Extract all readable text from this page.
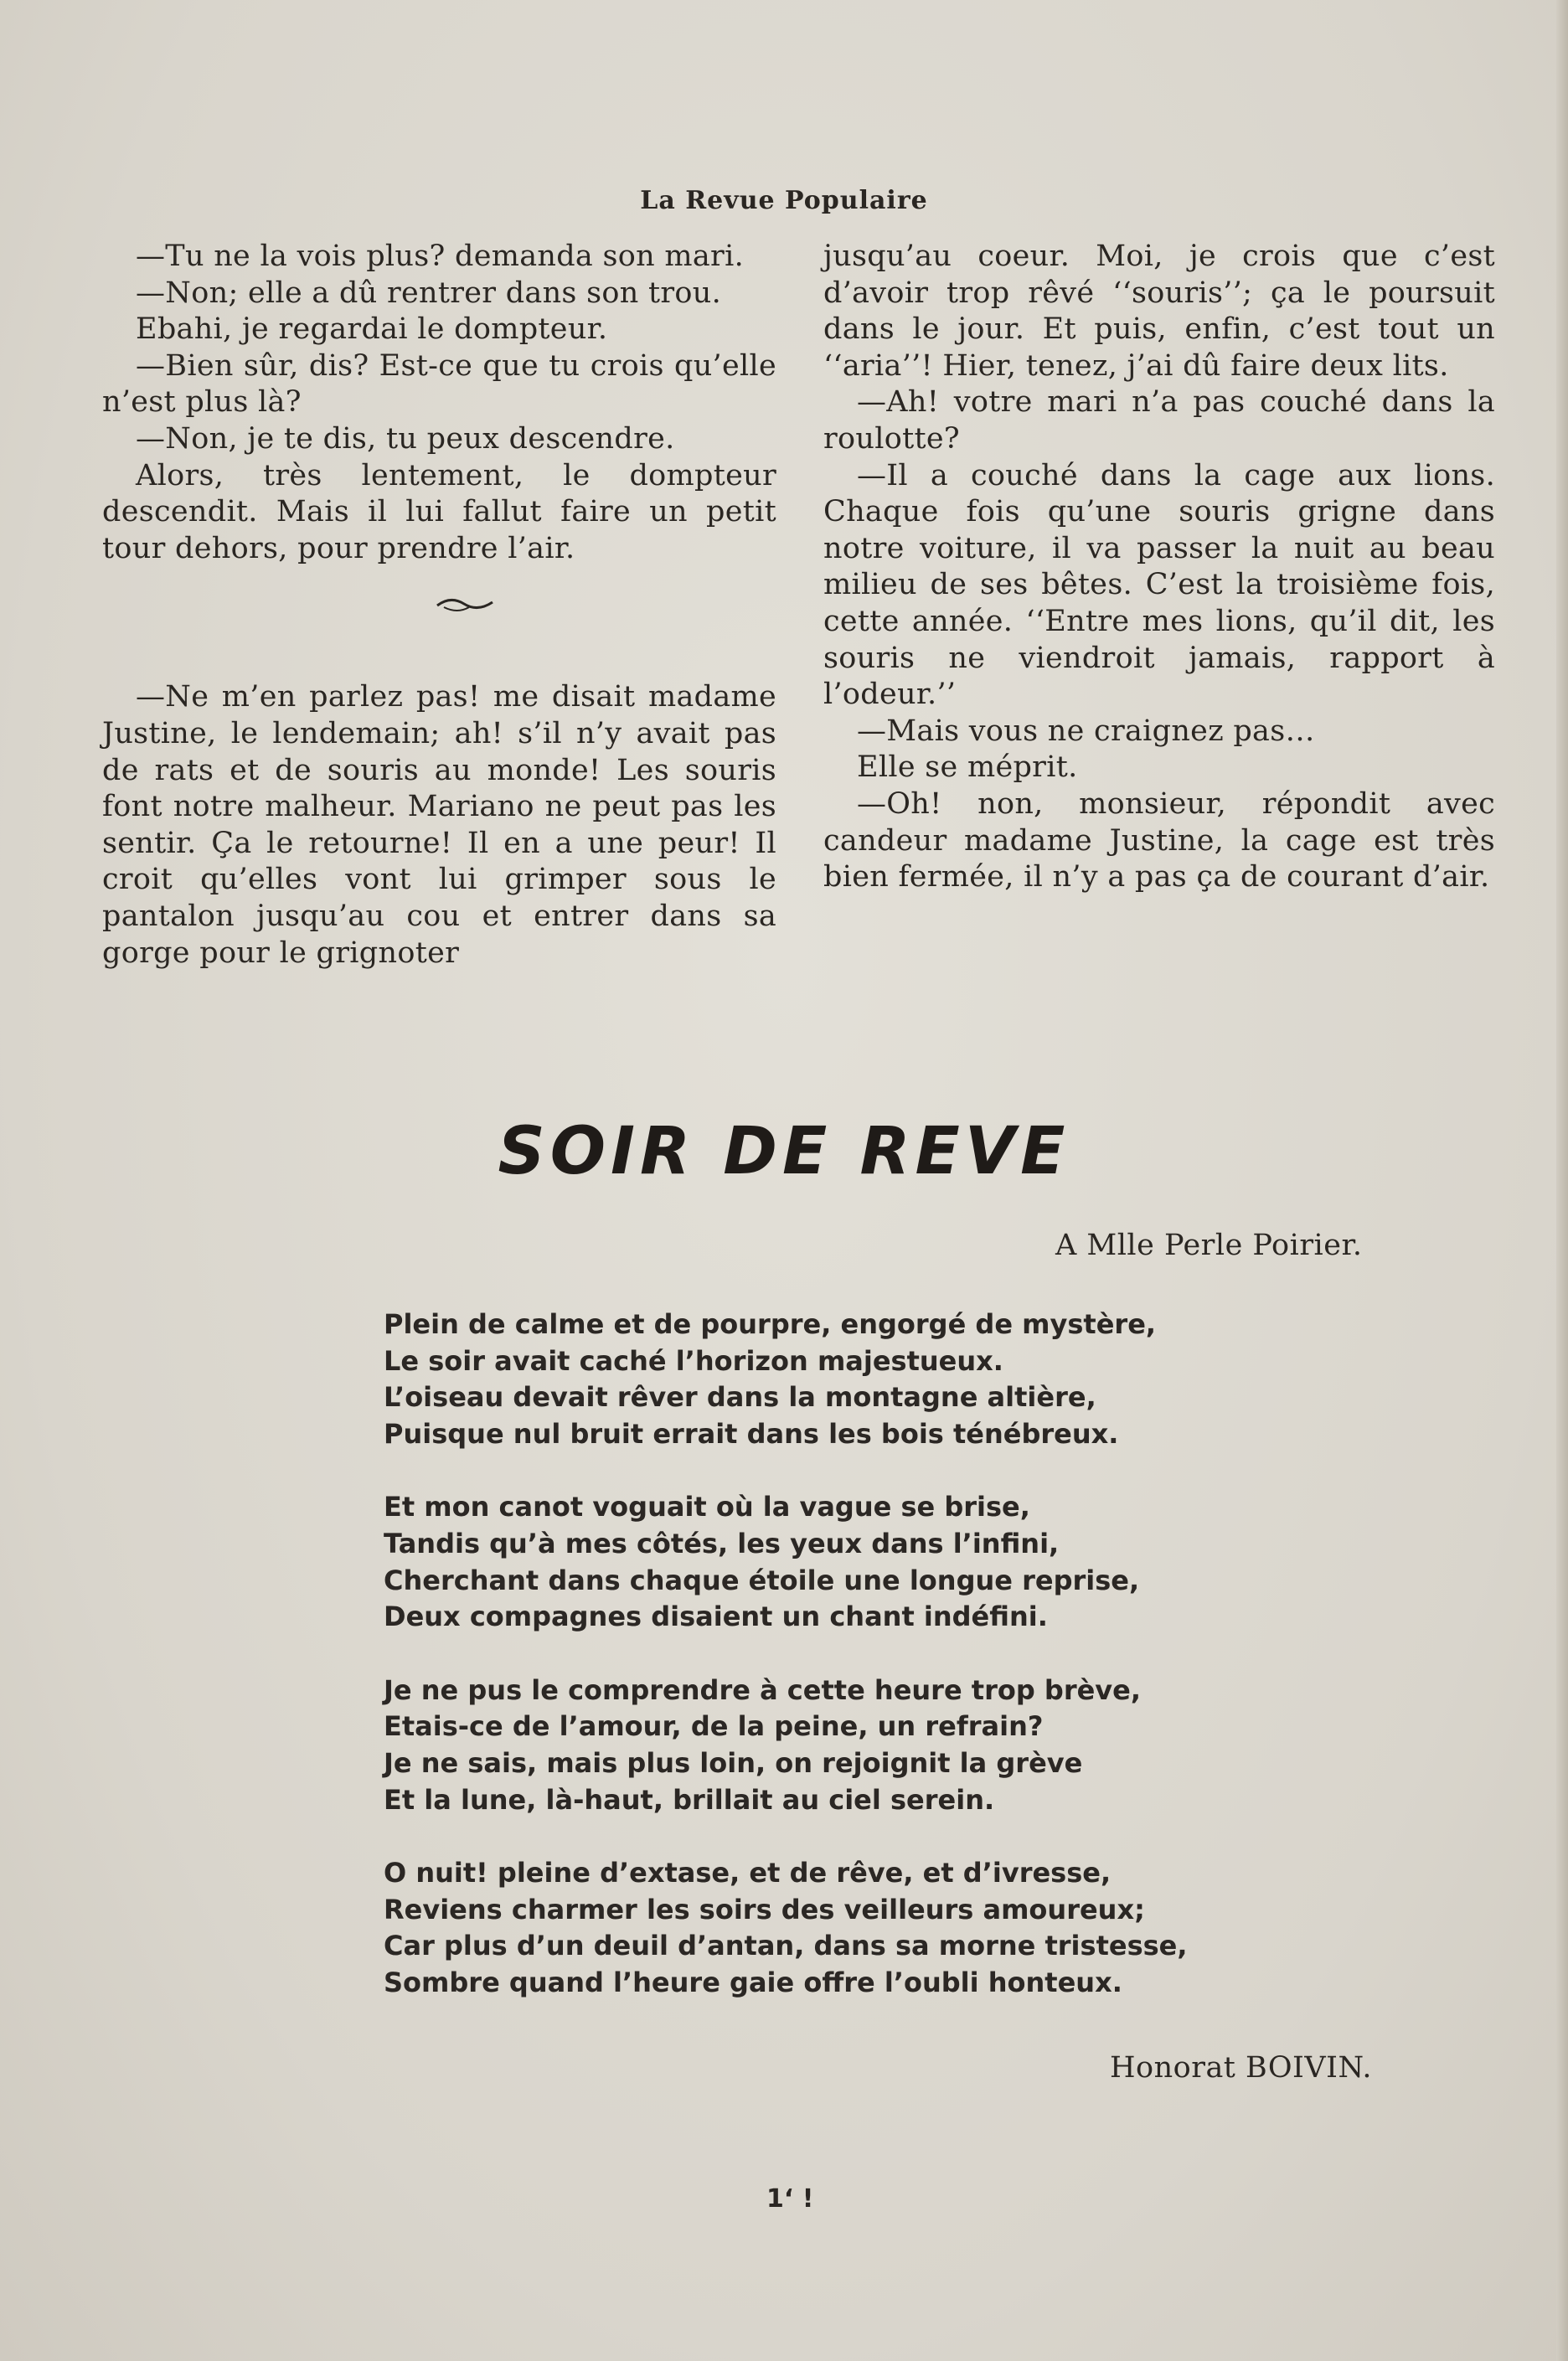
La Revue Populaire

—Tu ne la vois plus? demanda son mari.

—Non; elle a dû rentrer dans son trou.

Ebahi, je regardai le dompteur.

—Bien sûr, dis? Est-ce que tu crois qu’elle n’est plus là?

—Non, je te dis, tu peux descendre.

Alors, très lentement, le dompteur descendit. Mais il lui fallut faire un petit tour dehors, pour prendre l’air.

—Ne m’en parlez pas! me disait madame Justine, le lendemain; ah! s’il n’y avait pas de rats et de souris au monde! Les souris font notre malheur. Mariano ne peut pas les sentir. Ça le retourne! Il en a une peur! Il croit qu’elles vont lui grimper sous le pantalon jusqu’au cou et entrer dans sa gorge pour le grignoter

jusqu’au coeur. Moi, je crois que c’est d’avoir trop rêvé ‘‘souris’’; ça le poursuit dans le jour. Et puis, enfin, c’est tout un ‘‘aria’’! Hier, tenez, j’ai dû faire deux lits.

—Ah! votre mari n’a pas couché dans la roulotte?

—Il a couché dans la cage aux lions. Chaque fois qu’une souris grigne dans notre voiture, il va passer la nuit au beau milieu de ses bêtes. C’est la troisième fois, cette année. ‘‘Entre mes lions, qu’il dit, les souris ne viendroit jamais, rapport à l’odeur.’’

—Mais vous ne craignez pas…

Elle se méprit.

—Oh! non, monsieur, répondit avec candeur madame Justine, la cage est très bien fermée, il n’y a pas ça de courant d’air.

SOIR DE REVE
A Mlle Perle Poirier.
Plein de calme et de pourpre, engorgé de mystère,
Le soir avait caché l’horizon majestueux.
L’oiseau devait rêver dans la montagne altière,
Puisque nul bruit errait dans les bois ténébreux.
Et mon canot voguait où la vague se brise,
Tandis qu’à mes côtés, les yeux dans l’infini,
Cherchant dans chaque étoile une longue reprise,
Deux compagnes disaient un chant indéfini.
Je ne pus le comprendre à cette heure trop brève,
Etais-ce de l’amour, de la peine, un refrain?
Je ne sais, mais plus loin, on rejoignit la grève
Et la lune, là-haut, brillait au ciel serein.
O nuit! pleine d’extase, et de rêve, et d’ivresse,
Reviens charmer les soirs des veilleurs amoureux;
Car plus d’un deuil d’antan, dans sa morne tristesse,
Sombre quand l’heure gaie offre l’oubli honteux.
Honorat BOIVIN.
1‘ !
